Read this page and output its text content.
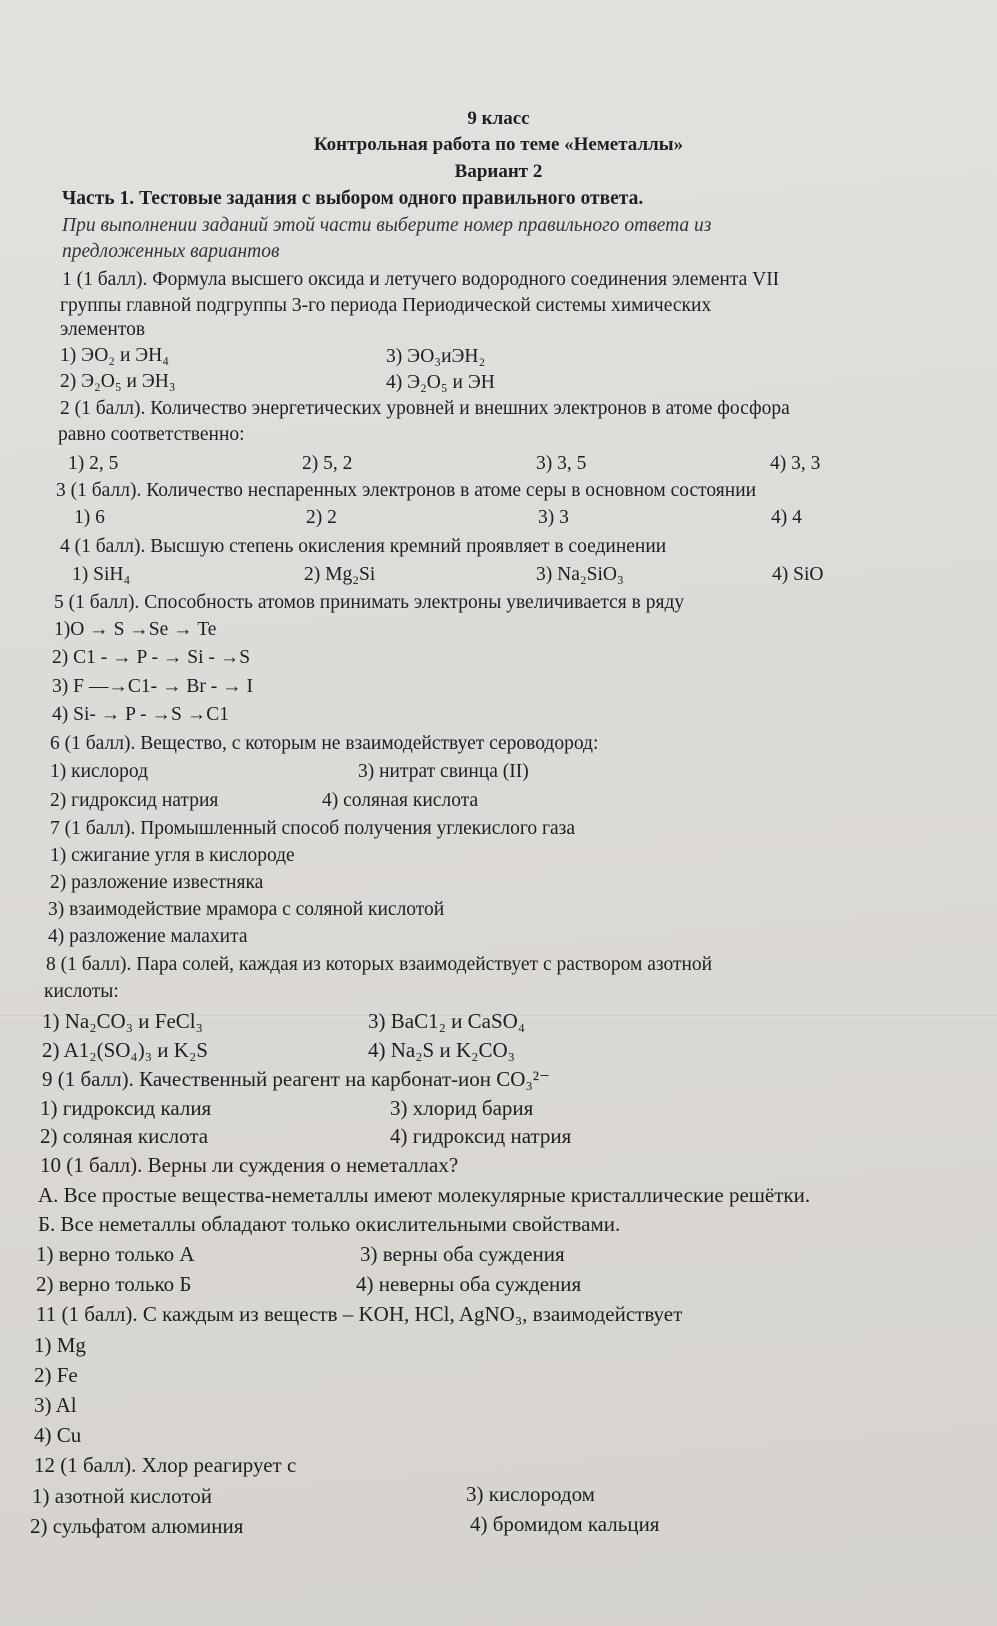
9 класс
Контрольная работа по теме «Неметаллы»
Вариант 2
Часть 1. Тестовые задания с выбором одного правильного ответа.
При выполнении заданий этой части выберите номер правильного ответа из
предложенных вариантов
1 (1 балл). Формула высшего оксида и летучего водородного соединения элемента VII
группы главной подгруппы 3-го периода Периодической системы химических
элементов
1) ЭО₂ и ЭН₄	3) ЭО₃иЭН₂
2) Э₂О₅ и ЭН₃	4) Э₂О₅ и ЭН
2 (1 балл). Количество энергетических уровней и внешних электронов в атоме фосфора
равно соответственно:
1) 2, 5	2) 5, 2	3) 3, 5	4) 3, 3
3 (1 балл). Количество неспаренных электронов в атоме серы в основном состоянии
1) 6	2) 2	3) 3	4) 4
4 (1 балл). Высшую степень окисления кремний проявляет в соединении
1) SiH₄	2) Mg₂Si	3) Na₂SiO₃	4) SiO
5 (1 балл). Способность атомов принимать электроны увеличивается в ряду
1)О → S →Se → Te
2) C1 - → P - → Si - →S
3) F —→C1- → Br - → I
4) Si- → P - →S →C1
6 (1 балл). Вещество, с которым не взаимодействует сероводород:
1) кислород	3) нитрат свинца (II)
2) гидроксид натрия	4) соляная кислота
7 (1 балл). Промышленный способ получения углекислого газа
1) сжигание угля в кислороде
2) разложение известняка
3) взаимодействие мрамора с соляной кислотой
4) разложение малахита
8 (1 балл). Пара солей, каждая из которых взаимодействует с раствором азотной
кислоты:
1) Na₂CO₃ и FeCl₃	3) BaC1₂ и CaSO₄
2) A1₂(SO₄)₃ и K₂S	4) Na₂S и K₂CO₃
9 (1 балл). Качественный реагент на карбонат-ион CO₃²⁻
1) гидроксид калия	3) хлорид бария
2) соляная кислота	4) гидроксид натрия
10 (1 балл). Верны ли суждения о неметаллах?
А. Все простые вещества-неметаллы имеют молекулярные кристаллические решётки.
Б. Все неметаллы обладают только окислительными свойствами.
1) верно только А	3) верны оба суждения
2) верно только Б	4) неверны оба суждения
11 (1 балл). С каждым из веществ – KOH, HCl, AgNO₃, взаимодействует
1) Mg
2) Fe
3) Al
4) Cu
12 (1 балл). Хлор реагирует с
1) азотной кислотой	3) кислородом
2) сульфатом алюминия	4) бромидом кальция
